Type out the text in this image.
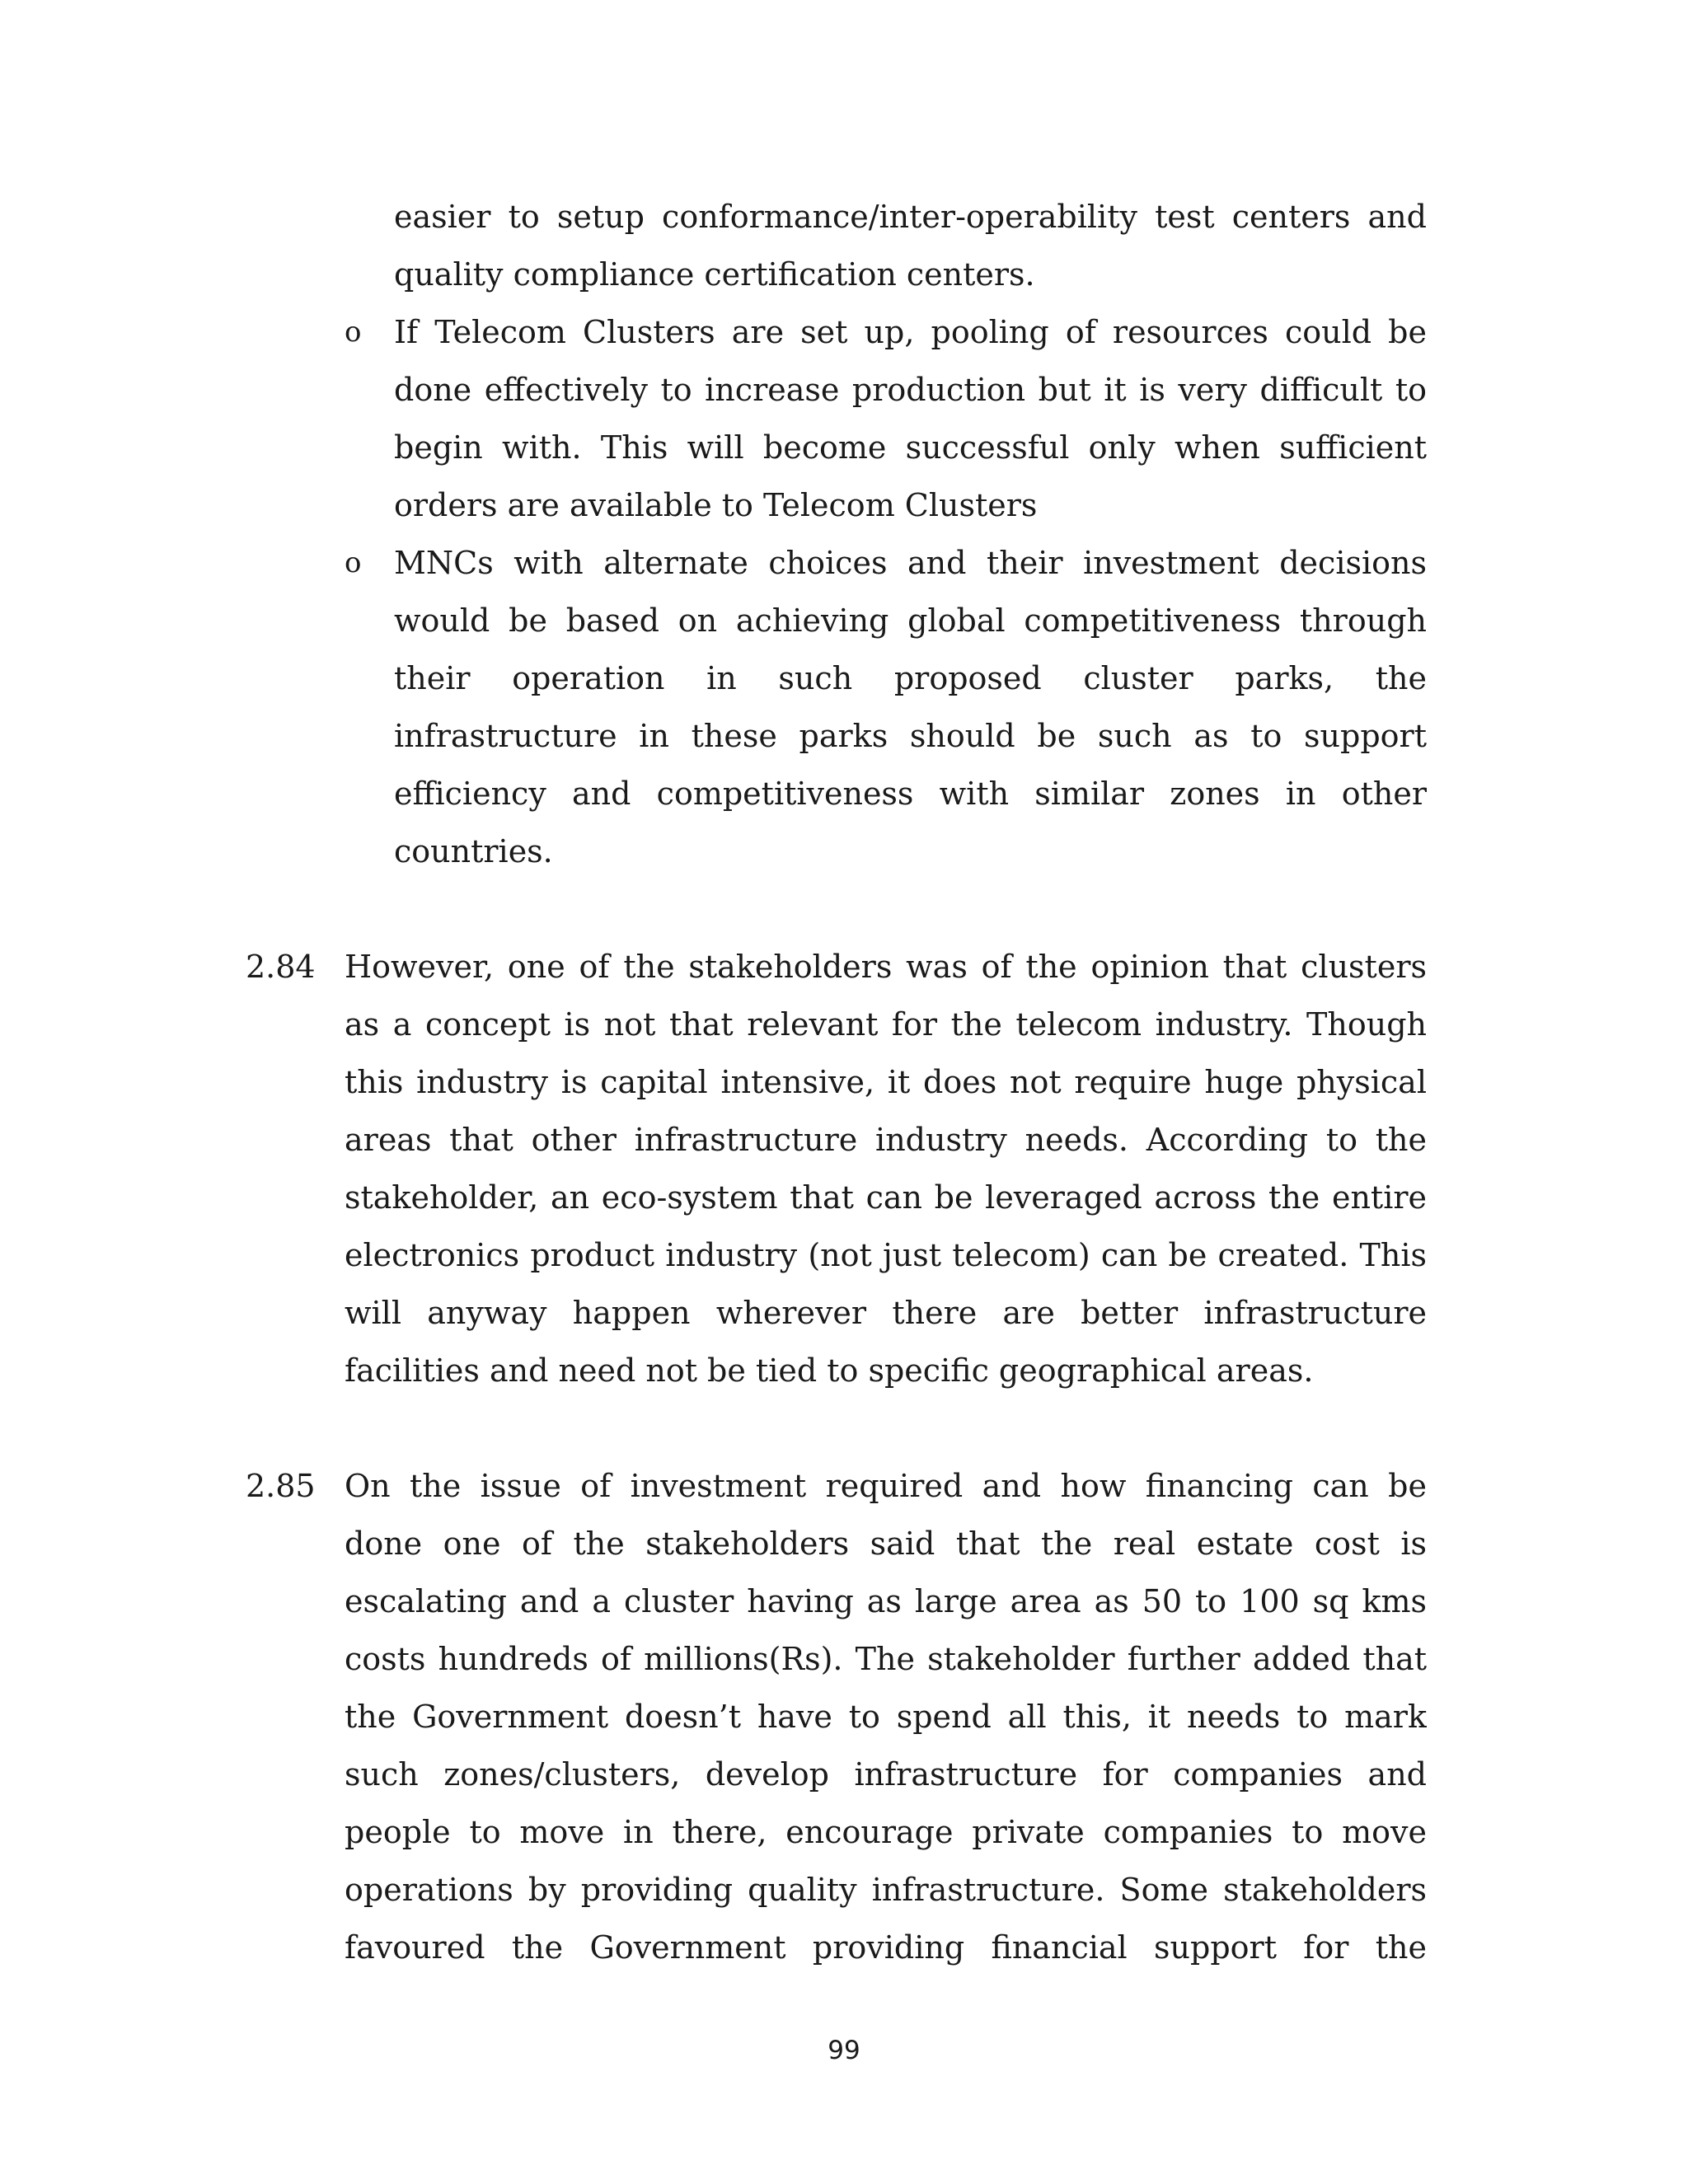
easier to setup conformance/inter-operability test centers and
quality compliance certification centers.
o If Telecom Clusters are set up, pooling of resources could be
done effectively to increase production but it is very difficult to
begin with. This will become successful only when sufficient
orders are available to Telecom Clusters
o MNCs with alternate choices and their investment decisions
would be based on achieving global competitiveness through
their operation in such proposed cluster parks, the
infrastructure in these parks should be such as to support
efficiency and competitiveness with similar zones in other
countries.
2.84 However, one of the stakeholders was of the opinion that clusters
as a concept is not that relevant for the telecom industry. Though
this industry is capital intensive, it does not require huge physical
areas that other infrastructure industry needs. According to the
stakeholder, an eco-system that can be leveraged across the entire
electronics product industry (not just telecom) can be created. This
will anyway happen wherever there are better infrastructure
facilities and need not be tied to specific geographical areas.
2.85 On the issue of investment required and how financing can be
done one of the stakeholders said that the real estate cost is
escalating and a cluster having as large area as 50 to 100 sq kms
costs hundreds of millions(Rs). The stakeholder further added that
the Government doesn’t have to spend all this, it needs to mark
such zones/clusters, develop infrastructure for companies and
people to move in there, encourage private companies to move
operations by providing quality infrastructure. Some stakeholders
favoured the Government providing financial support for the
99
